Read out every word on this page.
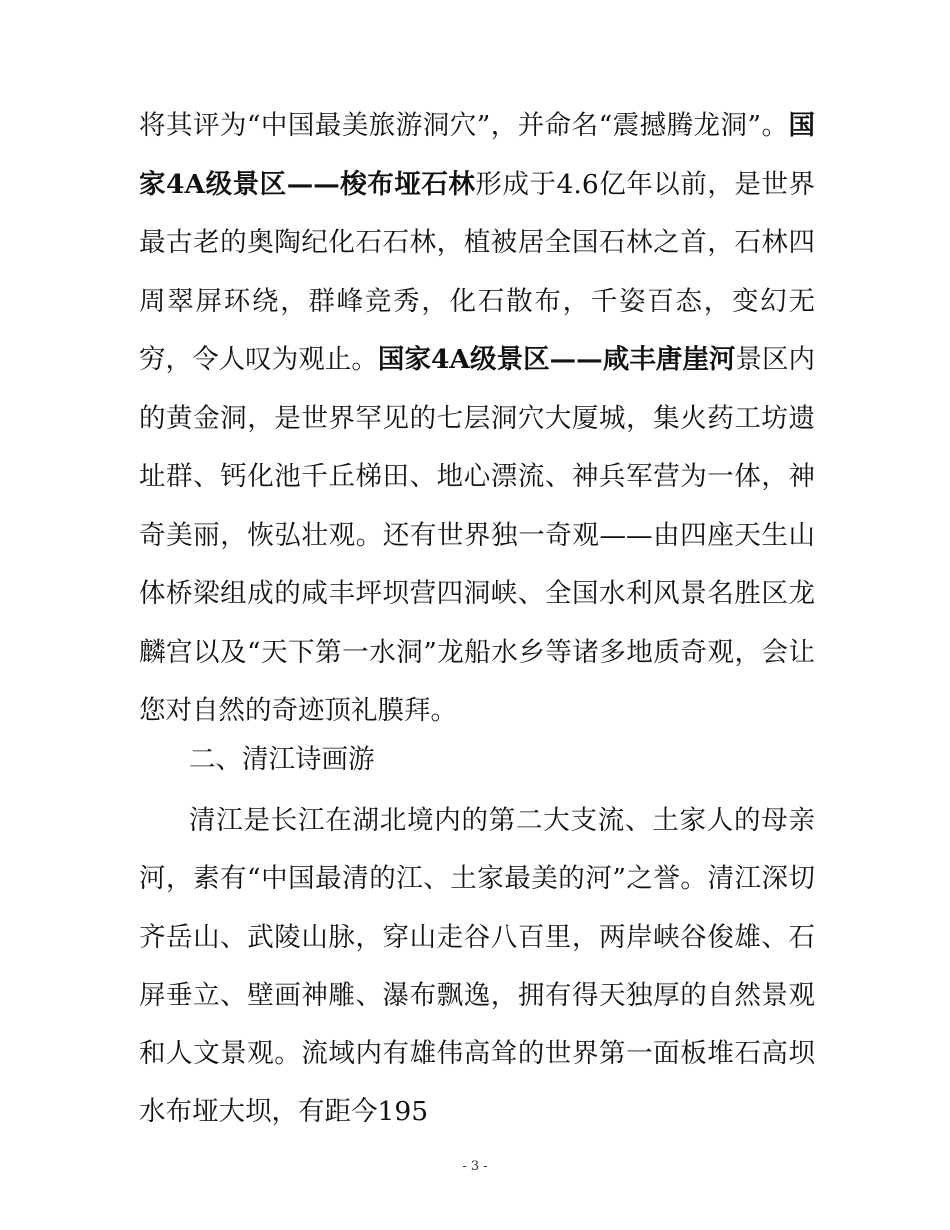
将其评为“中国最美旅游洞穴”，并命名“震撼腾龙洞”。国家4A级景区——梭布垭石林形成于4.6亿年以前，是世界最古老的奥陶纪化石石林，植被居全国石林之首，石林四周翠屏环绕，群峰竞秀，化石散布，千姿百态，变幻无穷，令人叹为观止。国家4A级景区——咸丰唐崖河景区内的黄金洞，是世界罕见的七层洞穴大厦城，集火药工坊遗址群、钙化池千丘梯田、地心漂流、神兵军营为一体，神奇美丽，恢弘壮观。还有世界独一奇观——由四座天生山体桥梁组成的咸丰坪坝营四洞峡、全国水利风景名胜区龙麟宫以及“天下第一水洞”龙船水乡等诸多地质奇观，会让您对自然的奇迹顶礼膜拜。

二、清江诗画游

清江是长江在湖北境内的第二大支流、土家人的母亲河，素有“中国最清的江、土家最美的河”之誉。清江深切齐岳山、武陵山脉，穿山走谷八百里，两岸峡谷俊雄、石屏垂立、壁画神雕、瀑布飘逸，拥有得天独厚的自然景观和人文景观。流域内有雄伟高耸的世界第一面板堆石高坝水布垭大坝，有距今195

- 3 -
